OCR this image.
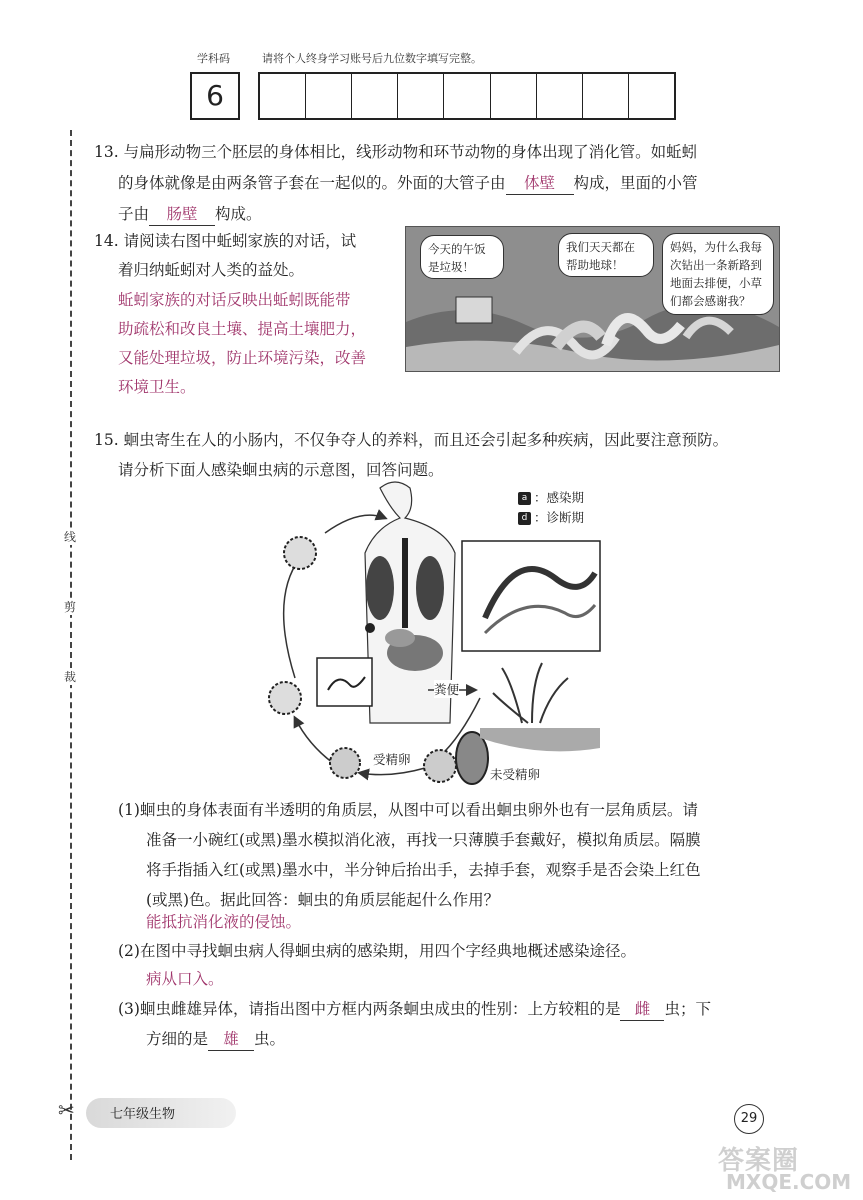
学科码	请将个人终身学习账号后九位数字填写完整。
6
线
剪
裁
✂
13. 与扁形动物三个胚层的身体相比，线形动物和环节动物的身体出现了消化管。如蚯蚓
的身体就像是由两条管子套在一起似的。外面的大管子由 体壁 构成，里面的小管
子由 肠壁 构成。
14. 请阅读右图中蚯蚓家族的对话，试
着归纳蚯蚓对人类的益处。
蚯蚓家族的对话反映出蚯蚓既能带
助疏松和改良土壤、提高土壤肥力，
又能处理垃圾，防止环境污染，改善
环境卫生。
今天的午饭
是垃圾！
我们天天都在
帮助地球！
妈妈，为什么我每
次钻出一条新路到
地面去排便，小草
们都会感谢我？
15. 蛔虫寄生在人的小肠内，不仅争夺人的养料，而且还会引起多种疾病，因此要注意预防。
请分析下面人感染蛔虫病的示意图，回答问题。
a ：感染期
d ：诊断期
粪便
受精卵
未受精卵
(1)蛔虫的身体表面有半透明的角质层，从图中可以看出蛔虫卵外也有一层角质层。请
准备一小碗红(或黑)墨水模拟消化液，再找一只薄膜手套戴好，模拟角质层。隔膜
将手指插入红(或黑)墨水中，半分钟后抬出手，去掉手套，观察手是否会染上红色
(或黑)色。据此回答：蛔虫的角质层能起什么作用？
能抵抗消化液的侵蚀。
(2)在图中寻找蛔虫病人得蛔虫病的感染期，用四个字经典地概述感染途径。
病从口入。
(3)蛔虫雌雄异体，请指出图中方框内两条蛔虫成虫的性别：上方较粗的是 雌 虫；下
方细的是 雄 虫。
七年级生物	29
答案圈
MXQE.COM
